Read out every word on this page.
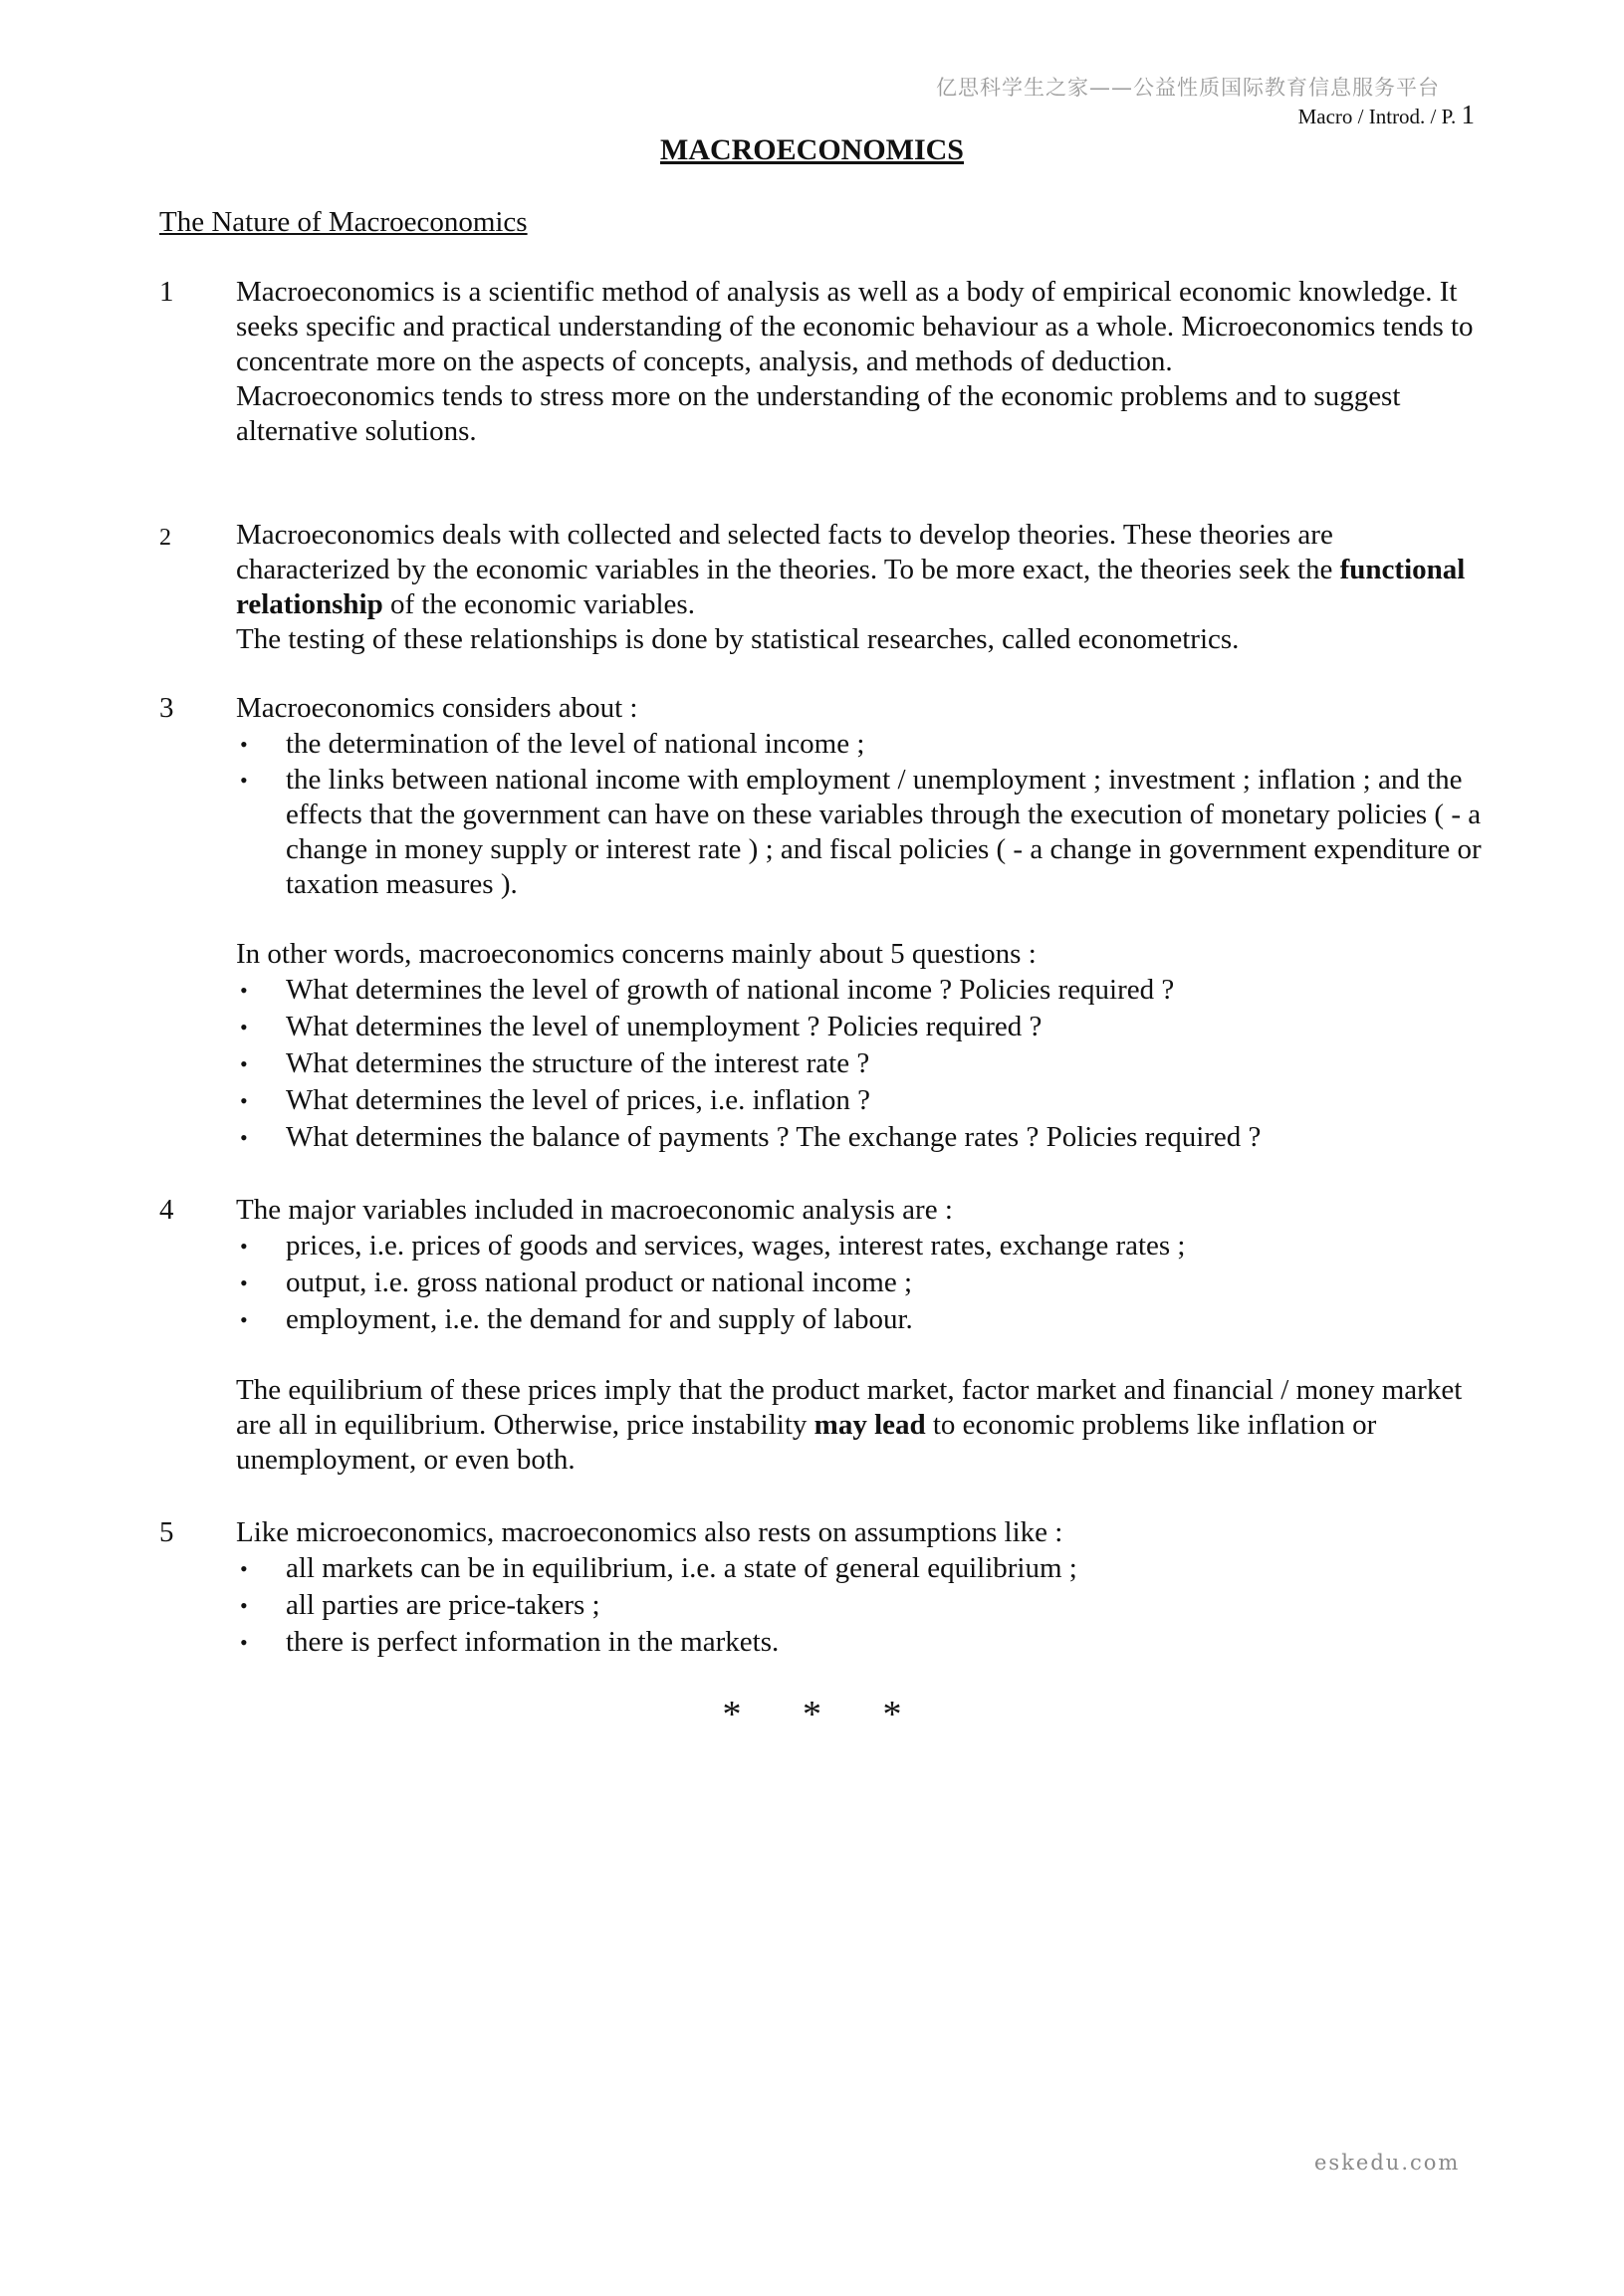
亿思科学生之家——公益性质国际教育信息服务平台
Macro / Introd. / P. 1
MACROECONOMICS
The Nature of Macroeconomics
1	Macroeconomics is a scientific method of analysis as well as a body of empirical economic knowledge. It seeks specific and practical understanding of the economic behaviour as a whole. Microeconomics tends to concentrate more on the aspects of concepts, analysis, and methods of deduction.

Macroeconomics tends to stress more on the understanding of the economic problems and to suggest alternative solutions.

2	Macroeconomics deals with collected and selected facts to develop theories. These theories are characterized by the economic variables in the theories. To be more exact, the theories seek the functional relationship of the economic variables.

The testing of these relationships is done by statistical researches, called econometrics.

3	Macroeconomics considers about :

• the determination of the level of national income ;
• the links between national income with employment / unemployment ; investment ; inflation ; and the effects that the government can have on these variables through the execution of monetary policies ( - a change in money supply or interest rate ) ; and fiscal policies ( - a change in government expenditure or taxation measures ).

In other words, macroeconomics concerns mainly about 5 questions :

• What determines the level of growth of national income ? Policies required ?
• What determines the level of unemployment ? Policies required ?
• What determines the structure of the interest rate ?
• What determines the level of prices, i.e. inflation ?
• What determines the balance of payments ? The exchange rates ? Policies required ?
4	The major variables included in macroeconomic analysis are :

• prices, i.e. prices of goods and services, wages, interest rates, exchange rates ;
• output, i.e. gross national product or national income ;
• employment, i.e. the demand for and supply of labour.

The equilibrium of these prices imply that the product market, factor market and financial / money market are all in equilibrium. Otherwise, price instability may lead to economic problems like inflation or unemployment, or even both.

5	Like microeconomics, macroeconomics also rests on assumptions like :

• all markets can be in equilibrium, i.e. a state of general equilibrium ;
• all parties are price-takers ;
• there is perfect information in the markets.
* * *
eskedu.com
